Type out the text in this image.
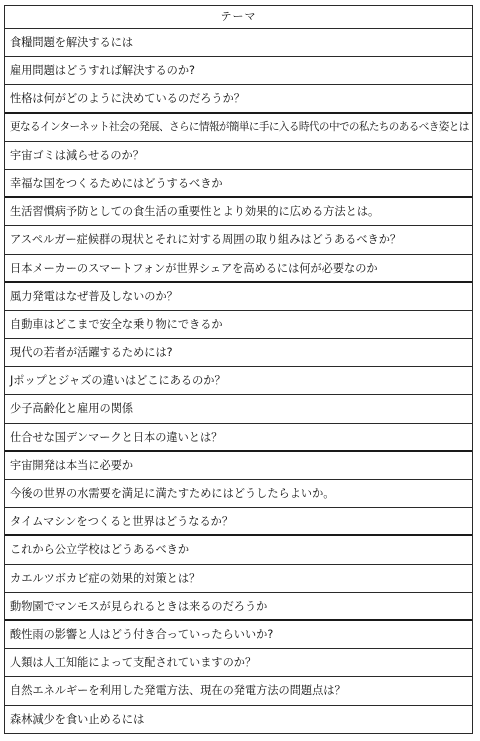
テーマ
食糧問題を解決するには
雇用問題はどうすれば解決するのか?
性格は何がどのように決めているのだろうか？
更なるインターネット社会の発展、さらに情報が簡単に手に入る時代の中での私たちのあるべき姿とは
宇宙ゴミは減らせるのか？
幸福な国をつくるためにはどうするべきか
生活習慣病予防としての食生活の重要性とより効果的に広める方法とは。
アスペルガー症候群の現状とそれに対する周囲の取り組みはどうあるべきか？
日本メーカーのスマートフォンが世界シェアを高めるには何が必要なのか
風力発電はなぜ普及しないのか？
自動車はどこまで安全な乗り物にできるか
現代の若者が活躍するためには?
Jポップとジャズの違いはどこにあるのか？
少子高齢化と雇用の関係
仕合せな国デンマークと日本の違いとは？
宇宙開発は本当に必要か
今後の世界の水需要を満足に満たすためにはどうしたらよいか。
タイムマシンをつくると世界はどうなるか？
これから公立学校はどうあるべきか
カエルツボカビ症の効果的対策とは？
動物園でマンモスが見られるときは来るのだろうか
酸性雨の影響と人はどう付き合っていったらいいか?
人類は人工知能によって支配されていますのか？
自然エネルギーを利用した発電方法、現在の発電方法の問題点は？
森林減少を食い止めるには
